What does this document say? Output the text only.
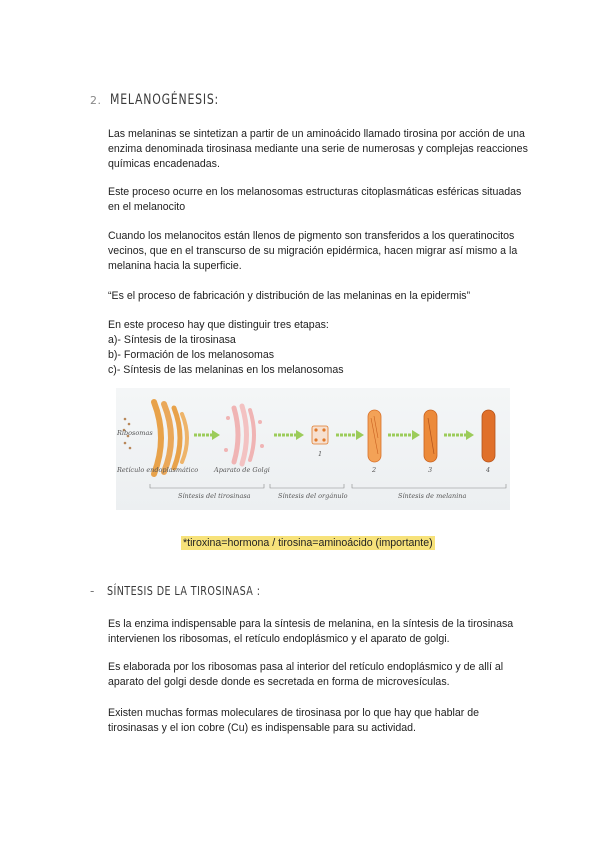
2. MELANOGÉNESIS:

Las melaninas se sintetizan a partir de un aminoácido llamado tirosina por acción de una enzima denominada tirosinasa mediante una serie de numerosas y complejas reacciones químicas encadenadas.

Este proceso ocurre en los melanosomas estructuras citoplasmáticas esféricas situadas en el melanocito

Cuando los melanocitos están llenos de pigmento son transferidos a los queratinocitos vecinos, que en el transcurso de su migración epidérmica, hacen migrar así mismo a la melanina hacia la superficie.

“Es el proceso de fabricación y distribución de las melaninas en la epidermis”

En este proceso hay que distinguir tres etapas:

a)- Síntesis de la tirosinasa
b)- Formación de los melanosomas
c)- Síntesis de las melaninas en los melanosomas
Ribosomas
Retículo endoplasmático Aparato de Golgi
1
2	3	4
Síntesis del tirosinasa	Síntesis del orgánulo	Síntesis de melanina
*tiroxina=hormona / tirosina=aminoácido (importante)
- SÍNTESIS DE LA TIROSINASA :

Es la enzima indispensable para la síntesis de melanina, en la síntesis de la tirosinasa intervienen los ribosomas, el retículo endoplásmico y el aparato de golgi.

Es elaborada por los ribosomas pasa al interior del retículo endoplásmico y de allí al aparato del golgi desde donde es secretada en forma de microvesículas.

Existen muchas formas moleculares de tirosinasa por lo que hay que hablar de tirosinasas y el ion cobre (Cu) es indispensable para su actividad.
